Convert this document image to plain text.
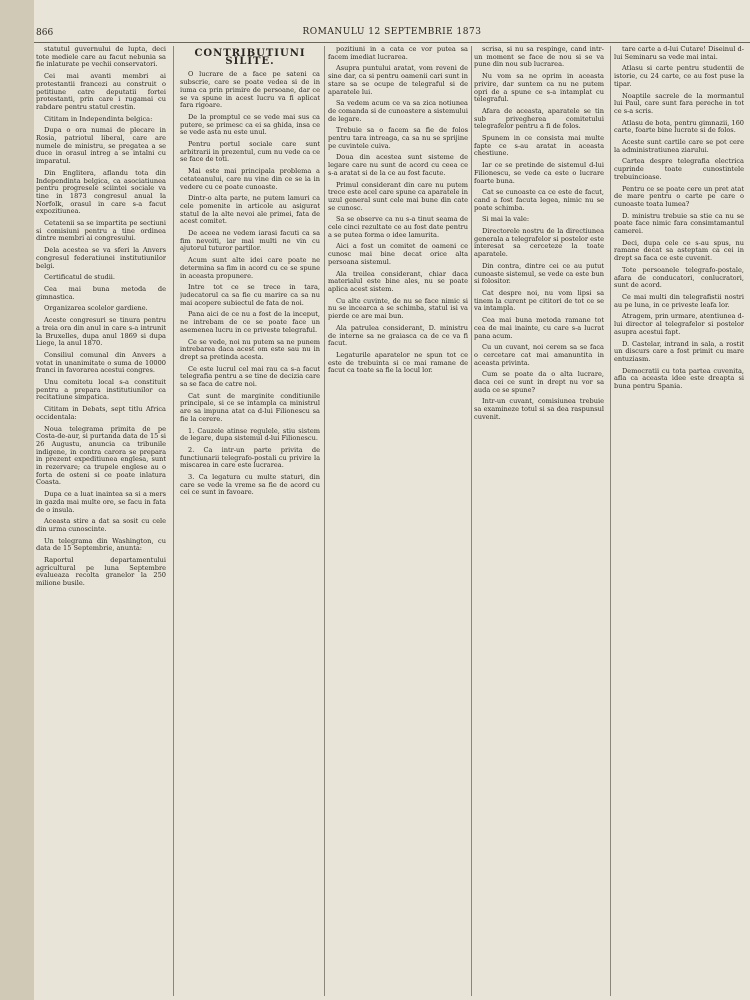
866	ROMANULU 12 SEPTEMBRIE 1873

statutul guvernului de lupta, deci tote mediele care au facut nebunia sa fie inlaturate pe vechii conservatori.

Cei mai avanti membri ai protestantii francezi au construit o petitiune catre deputatii fortei protestanti, prin care i rugamai cu rabdare pentru statul crestin.

Cititam in Independinta belgica:

Dupa o ora numai de plecare in Rosia, patriotul liberal, care are numele de ministru, se pregatea a se duce in orasul intreg a se intalni cu imparatul.

Din Englitera, aflandu tota din Independinta belgica, ca asociatiunea pentru progresele sciintei sociale va tine in 1873 congresul anual la Norfolk, orasul in care s-a facut expozitiunea.

Cetatenii sa se impartita pe sectiuni si comisiuni pentru a tine ordinea dintre membri ai congresului.

Dela acestea se va sferi la Anvers congresul federatiunei institutiunilor belgi.

Certificatul de studii.

Cea mai buna metoda de gimnastica.

Organizarea scolelor gardiene.

Aceste congresuri se tinura pentru a treia ora din anul in care s-a intrunit la Bruxelles, dupa anul 1869 si dupa Liege, la anul 1870.

Consiliul comunal din Anvers a votat in unanimitate o suma de 10000 franci in favorarea acestui congres.

Unu comitetu local s-a constituit pentru a prepara institutiunilor ca recitatiune simpatica.

Cititam in Debats, sept titlu Africa occidentala:

Noua telegrama primita de pe Costa-de-aur, si purtanda data de 15 si 26 Augustu, anuncia ca tribunile indigene, in contra carora se prepara in prezent expeditiunea englesa, sunt in rezervare; ca trupele englese au o forta de osteni si ce poate inlatura Coasta.

Dupa ce a luat inaintea sa si a mers in gazda mai multe ore, se facu in fata de o insula.

Aceasta stire a dat sa sosit cu cele din urma cunoscinte.

Un telegrama din Washington, cu data de 15 Septembrie, anunta:

Raportul departamentului agricultural pe luna Septembre evalueaza recolta granelor la 250 milione busile.

CONTRIBUTIUNI SILITE.

O lucrare de a face pe sateni ca subscrie, care se poate vedea si de in iuma ca prin primire de persoane, dar ce se va spune in acest lucru va fi aplicat fara rigoare.

De la promptul ce se vede mai sus ca putere, se primesc ca ei sa ghida, insa ce se vede asta nu este unul.

Pentru portul sociale care sunt arbitrarii in prezentul, cum nu vede ca ce se face de toti.

Mai este mai principala problema a cetateanului, care nu vine din ce se ia in vedere cu ce poate cunoaste.

Dintr-o alta parte, ne putem lamuri ca cele pomenite in articole au asigurat statul de la alte nevoi ale primei, fata de acest comitet.

De aceea ne vedem iarasi facuti ca sa fim nevoiti, iar mai multi ne vin cu ajutorul tuturor partilor.

Acum sunt alte idei care poate ne determina sa fim in acord cu ce se spune in aceasta propunere.

Intre tot ce se trece in tara, judecatorul ca sa fie cu marire ca sa nu mai acopere subiectul de fata de noi.

Pana aici de ce nu a fost de la inceput, ne intrebam de ce se poate face un asemenea lucru in ce priveste telegraful.

Ce se vede, noi nu putem sa ne punem intrebarea daca acest om este sau nu in drept sa pretinda acesta.

Ce este lucrul cel mai rau ca s-a facut telegrafia pentru a se tine de decizia care sa se faca de catre noi.

Cat sunt de marginite conditiunile principale, si ce se intampla ca ministrul are sa impuna atat ca d-lui Filionescu sa fie la cerere.

1. Cauzele atinse regulele, stiu sistem de legare, dupa sistemul d-lui Filionescu.

2. Ca intr-un parte privita de functiunarii telegrafo-postali cu privire la miscarea in care este lucrarea.

3. Ca legatura cu multe staturi, din care se vede la vreme sa fie de acord cu cei ce sunt in favoare.

pozitiuni in a cata ce vor putea sa facem imediat lucrarea.

Asupra puntului aratat, vom reveni de sine dar, ca si pentru oamenii cari sunt in stare sa se ocupe de telegraful si de aparatele lui.

Sa vedem acum ce va sa zica notiunea de comanda si de cunoastere a sistemului de legare.

Trebuie sa o facem sa fie de folos pentru tara intreaga, ca sa nu se sprijine pe cuvintele cuiva.

Doua din acestea sunt sisteme de legare care nu sunt de acord cu ceea ce s-a aratat si de la ce au fost facute.

Primul considerant din care nu putem trece este acel care spune ca aparatele in uzul general sunt cele mai bune din cate se cunosc.

Sa se observe ca nu s-a tinut seama de cele cinci rezultate ce au fost date pentru a se putea forma o idee lamurita.

Aici a fost un comitet de oameni ce cunosc mai bine decat orice alta persoana sistemul.

Ala treilea considerant, chiar daca materialul este bine ales, nu se poate aplica acest sistem.

Cu alte cuvinte, de nu se face nimic si nu se incearca a se schimba, statul isi va pierde ce are mai bun.

Ala patrulea considerant, D. ministru de interne sa ne graiasca ca de ce va fi facut.

Legaturile aparatelor ne spun tot ce este de trebuinta si ce mai ramane de facut ca toate sa fie la locul lor.

scrisa, si nu sa respinge, cand intr-un moment se face de nou si se va pune din nou sub lucrarea.

Nu vom sa ne oprim in aceasta privire, dar suntem ca nu ne putem opri de a spune ce s-a intamplat cu telegraful.

Afara de aceasta, aparatele se tin sub privegherea comitetului telegrafelor pentru a fi de folos.

Spunem in ce consista mai multe fapte ce s-au aratat in aceasta chestiune.

Iar ce se pretinde de sistemul d-lui Filionescu, se vede ca este o lucrare foarte buna.

Cat se cunoaste ca ce este de facut, cand a fost facuta legea, nimic nu se poate schimba.

Si mai la vale:

Directorele nostru de la directiunea generala a telegrafelor si postelor este interesat sa cerceteze la toate aparatele.

Din contra, dintre cei ce au putut cunoaste sistemul, se vede ca este bun si folositor.

Cat despre noi, nu vom lipsi sa tinem la curent pe cititori de tot ce se va intampla.

Cea mai buna metoda ramane tot cea de mai inainte, cu care s-a lucrat pana acum.

Cu un cuvant, noi cerem sa se faca o cercetare cat mai amanuntita in aceasta privinta.

Cum se poate da o alta lucrare, daca cei ce sunt in drept nu vor sa auda ce se spune?

Intr-un cuvant, comisiunea trebuie sa examineze totul si sa dea raspunsul cuvenit.

tare carte a d-lui Cutare! Diseinul d-lui Seminaru sa vede mai intai.

Atlasu si carte pentru studentii de istorie, cu 24 carte, ce au fost puse la tipar.

Noaptile sacrele de la mormantul lui Paul, care sunt fara pereche in tot ce s-a scris.

Atlasu de bota, pentru gimnazii, 160 carte, foarte bine lucrate si de folos.

Aceste sunt cartile care se pot cere la administratiunea ziarului.

Cartea despre telegrafia electrica cuprinde toate cunostintele trebuincioase.

Pentru ce se poate cere un pret atat de mare pentru o carte pe care o cunoaste toata lumea?

D. ministru trebuie sa stie ca nu se poate face nimic fara consimtamantul camerei.

Deci, dupa cele ce s-au spus, nu ramane decat sa asteptam ca cei in drept sa faca ce este cuvenit.

Tote persoanele telegrafo-postale, afara de conducatori, conlucratori, sunt de acord.

Ce mai multi din telegrafistii nostri au pe luna, in ce priveste leafa lor.

Atragem, prin urmare, atentiunea d-lui director al telegrafelor si postelor asupra acestui fapt.

D. Castelar, intrand in sala, a rostit un discurs care a fost primit cu mare entuziasm.

Democratii cu tota partea cuvenita, afla ca aceasta idee este dreapta si buna pentru Spania.
